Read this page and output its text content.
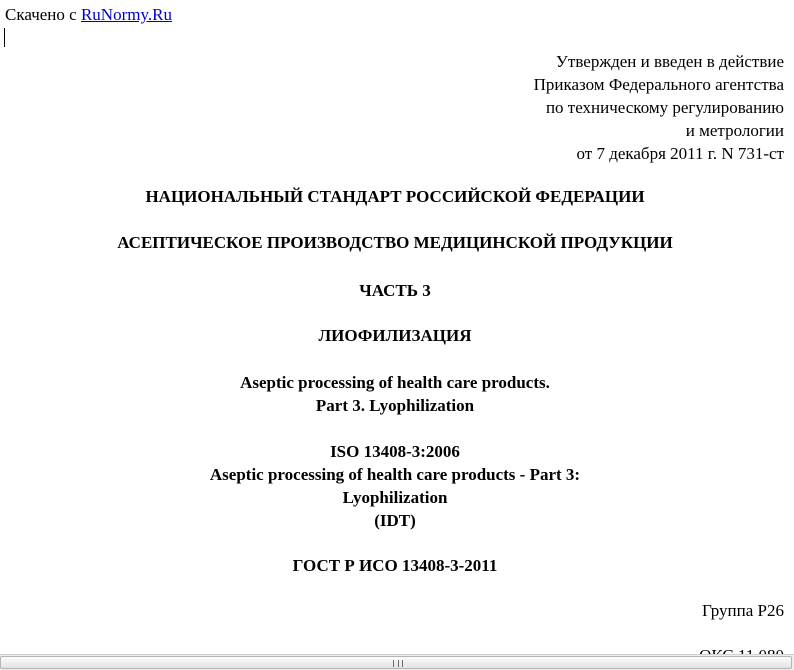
Скачено с RuNormy.Ru
Утвержден и введен в действие
Приказом Федерального агентства
по техническому регулированию
и метрологии
от 7 декабря 2011 г. N 731-ст
НАЦИОНАЛЬНЫЙ СТАНДАРТ РОССИЙСКОЙ ФЕДЕРАЦИИ
АСЕПТИЧЕСКОЕ ПРОИЗВОДСТВО МЕДИЦИНСКОЙ ПРОДУКЦИИ
ЧАСТЬ 3
ЛИОФИЛИЗАЦИЯ
Aseptic processing of health care products.
Part 3. Lyophilization
ISO 13408-3:2006
Aseptic processing of health care products - Part 3:
Lyophilization
(IDT)
ГОСТ Р ИСО 13408-3-2011
Группа Р26
